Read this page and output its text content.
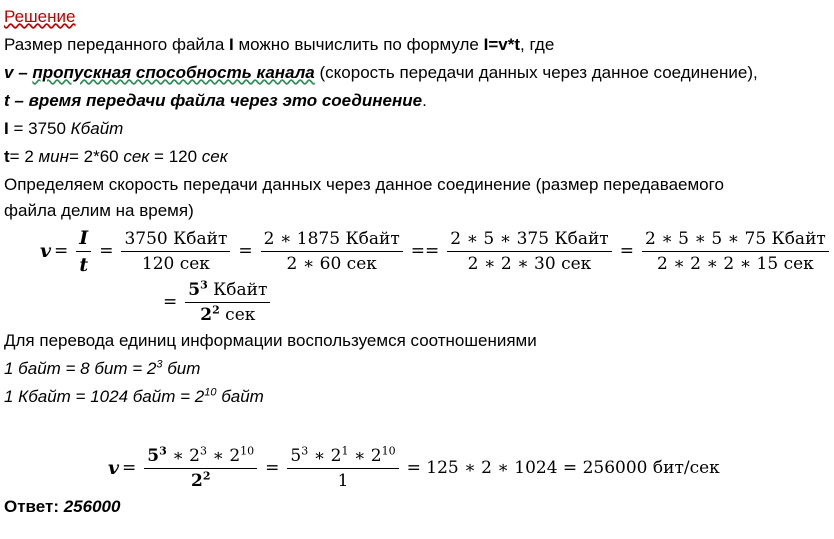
Решение
Размер переданного файла I можно вычислить по формуле I=v*t, где
v – пропускная способность канала (скорость передачи данных через данное соединение),
t – время передачи файла через это соединение.
I = 3750 Кбайт
t= 2 мин= 2*60 сек = 120 сек
Определяем скорость передачи данных через данное соединение (размер передаваемого
файла делим на время)
$v = \frac{I}{t} = \frac{\text{3750 Кбайт}}{\text{120 сек}} = \frac{\text{2 ∗ 1875 Кбайт}}{\text{2 ∗ 60 сек}} == \frac{\text{2 ∗ 5 ∗ 375 Кбайт}}{\text{2 ∗ 2 ∗ 30 сек}} = \frac{\text{2 ∗ 5 ∗ 5 ∗ 75 Кбайт}}{\text{2 ∗ 2 ∗ 2 ∗ 15 сек}}$
= $\frac{5^3 Кбайт}{2^2 сек}$
Для перевода единиц информации воспользуемся соотношениями
1 байт = 8 бит = $2^3$ бит
1 Кбайт = 1024 байт = $2^{10}$ байт
$v = \frac{5^3 ∗ 2^3 ∗ 2^{10}}{2^2} = \frac{5^3 ∗ 2^1 ∗ 2^{10}}{1} = 125$ ∗ 2 ∗ 1024 = 256000 бит/сек
Ответ: 256000
